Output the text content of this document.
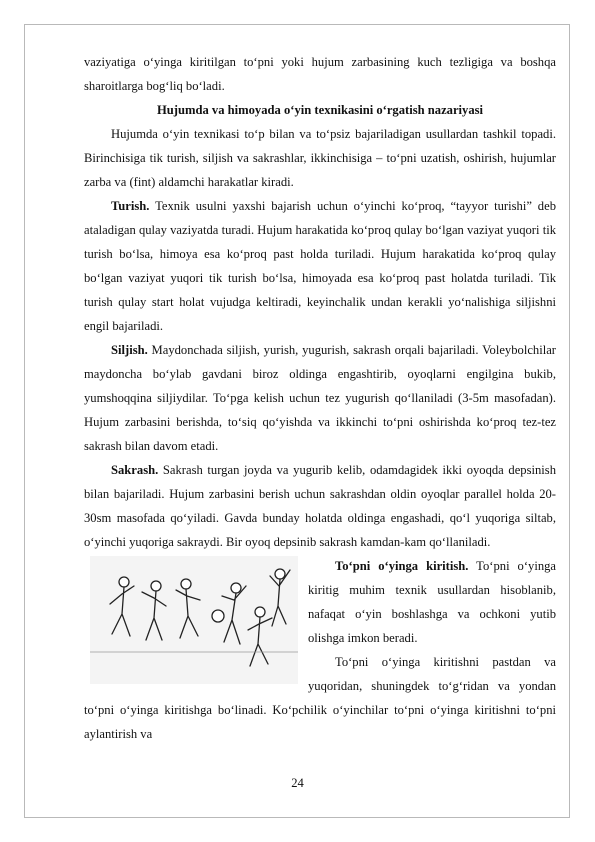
vaziyatiga o‘yinga kiritilgan to‘pni yoki hujum zarbasining kuch tezligiga va boshqa sharoitlarga bog‘liq bo‘ladi.

Hujumda va himoyada o‘yin texnikasini o‘rgatish nazariyasi

Hujumda o‘yin texnikasi to‘p bilan va to‘psiz bajariladigan usullardan tashkil topadi. Birinchisiga tik turish, siljish va sakrashlar, ikkinchisiga – to‘pni uzatish, oshirish, hujumlar zarba va (fint) aldamchi harakatlar kiradi.

Turish. Texnik usulni yaxshi bajarish uchun o‘yinchi ko‘proq, “tayyor turishi” deb ataladigan qulay vaziyatda turadi. Hujum harakatida ko‘proq qulay bo‘lgan vaziyat yuqori tik turish bo‘lsa, himoya esa ko‘proq past holda turiladi. Hujum harakatida ko‘proq qulay bo‘lgan vaziyat yuqori tik turish bo‘lsa, himoyada esa ko‘proq past holatda turiladi. Tik turish qulay start holat vujudga keltiradi, keyinchalik undan kerakli yo‘nalishiga siljishni engil bajariladi.

Siljish. Maydonchada siljish, yurish, yugurish, sakrash orqali bajariladi. Voleybolchilar maydoncha bo‘ylab gavdani biroz oldinga engashtirib, oyoqlarni engilgina bukib, yumshoqqina siljiydilar. To‘pga kelish uchun tez yugurish qo‘llaniladi (3-5m masofadan). Hujum zarbasini berishda, to‘siq qo‘yishda va ikkinchi to‘pni oshirishda ko‘proq tez-tez sakrash bilan davom etadi.

Sakrash. Sakrash turgan joyda va yugurib kelib, odamdagidek ikki oyoqda depsinish bilan bajariladi. Hujum zarbasini berish uchun sakrashdan oldin oyoqlar parallel holda 20-30sm masofada qo‘yiladi. Gavda bunday holatda oldinga engashadi, qo‘l yuqoriga siltab, o‘yinchi yuqoriga sakraydi. Bir oyoq depsinib sakrash kamdan-kam qo‘llaniladi.

To‘pni o‘yinga kiritish. To‘pni o‘yinga kiritig muhim texnik usullardan hisoblanib, nafaqat o‘yin boshlashga va ochkoni yutib olishga imkon beradi.

To‘pni o‘yinga kiritishni pastdan va yuqoridan, shuningdek to‘g‘ridan va yondan to‘pni o‘yinga kiritishga bo‘linadi. Ko‘pchilik o‘yinchilar to‘pni o‘yinga kiritishni to‘pni aylantirish va

24
